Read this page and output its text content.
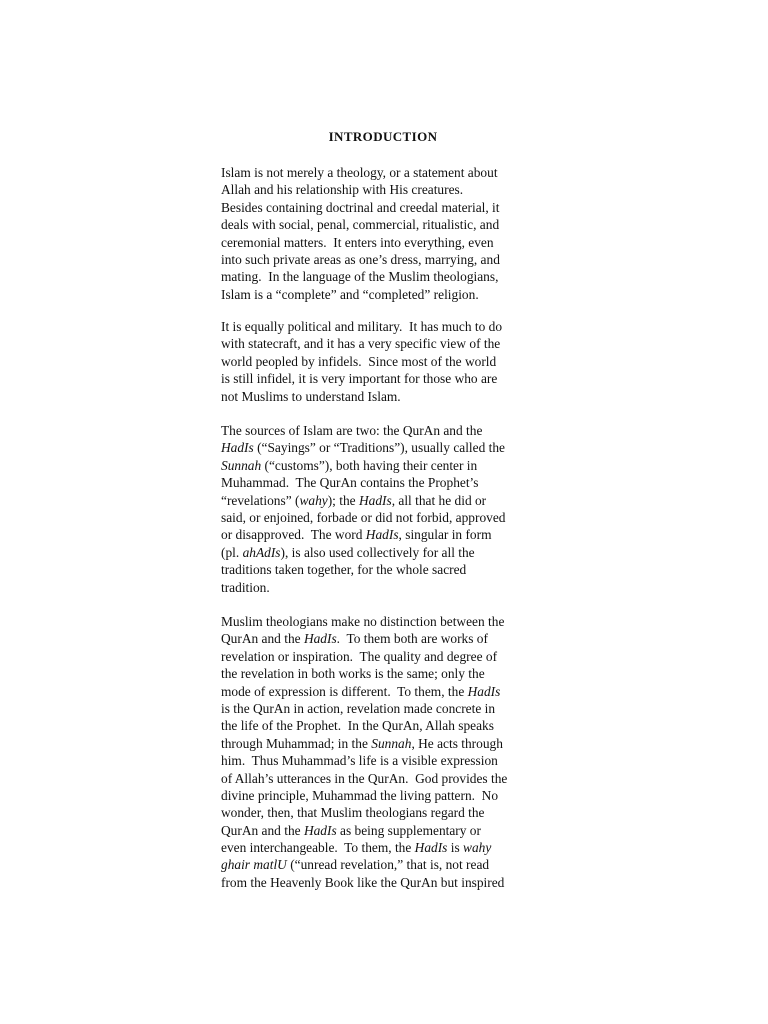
INTRODUCTION
Islam is not merely a theology, or a statement about
Allah and his relationship with His creatures.
Besides containing doctrinal and creedal material, it
deals with social, penal, commercial, ritualistic, and
ceremonial matters.  It enters into everything, even
into such private areas as one’s dress, marrying, and
mating.  In the language of the Muslim theologians,
Islam is a “complete” and “completed” religion.
It is equally political and military.  It has much to do
with statecraft, and it has a very specific view of the
world peopled by infidels.  Since most of the world
is still infidel, it is very important for those who are
not Muslims to understand Islam.
The sources of Islam are two: the QurAn and the
HadIs (“Sayings” or “Traditions”), usually called the
Sunnah (“customs”), both having their center in
Muhammad.  The QurAn contains the Prophet’s
“revelations” (wahy); the HadIs, all that he did or
said, or enjoined, forbade or did not forbid, approved
or disapproved.  The word HadIs, singular in form
(pl. ahAdIs), is also used collectively for all the
traditions taken together, for the whole sacred
tradition.
Muslim theologians make no distinction between the
QurAn and the HadIs.  To them both are works of
revelation or inspiration.  The quality and degree of
the revelation in both works is the same; only the
mode of expression is different.  To them, the HadIs
is the QurAn in action, revelation made concrete in
the life of the Prophet.  In the QurAn, Allah speaks
through Muhammad; in the Sunnah, He acts through
him.  Thus Muhammad’s life is a visible expression
of Allah’s utterances in the QurAn.  God provides the
divine principle, Muhammad the living pattern.  No
wonder, then, that Muslim theologians regard the
QurAn and the HadIs as being supplementary or
even interchangeable.  To them, the HadIs is wahy
ghair matlU (“unread revelation,” that is, not read
from the Heavenly Book like the QurAn but inspired
